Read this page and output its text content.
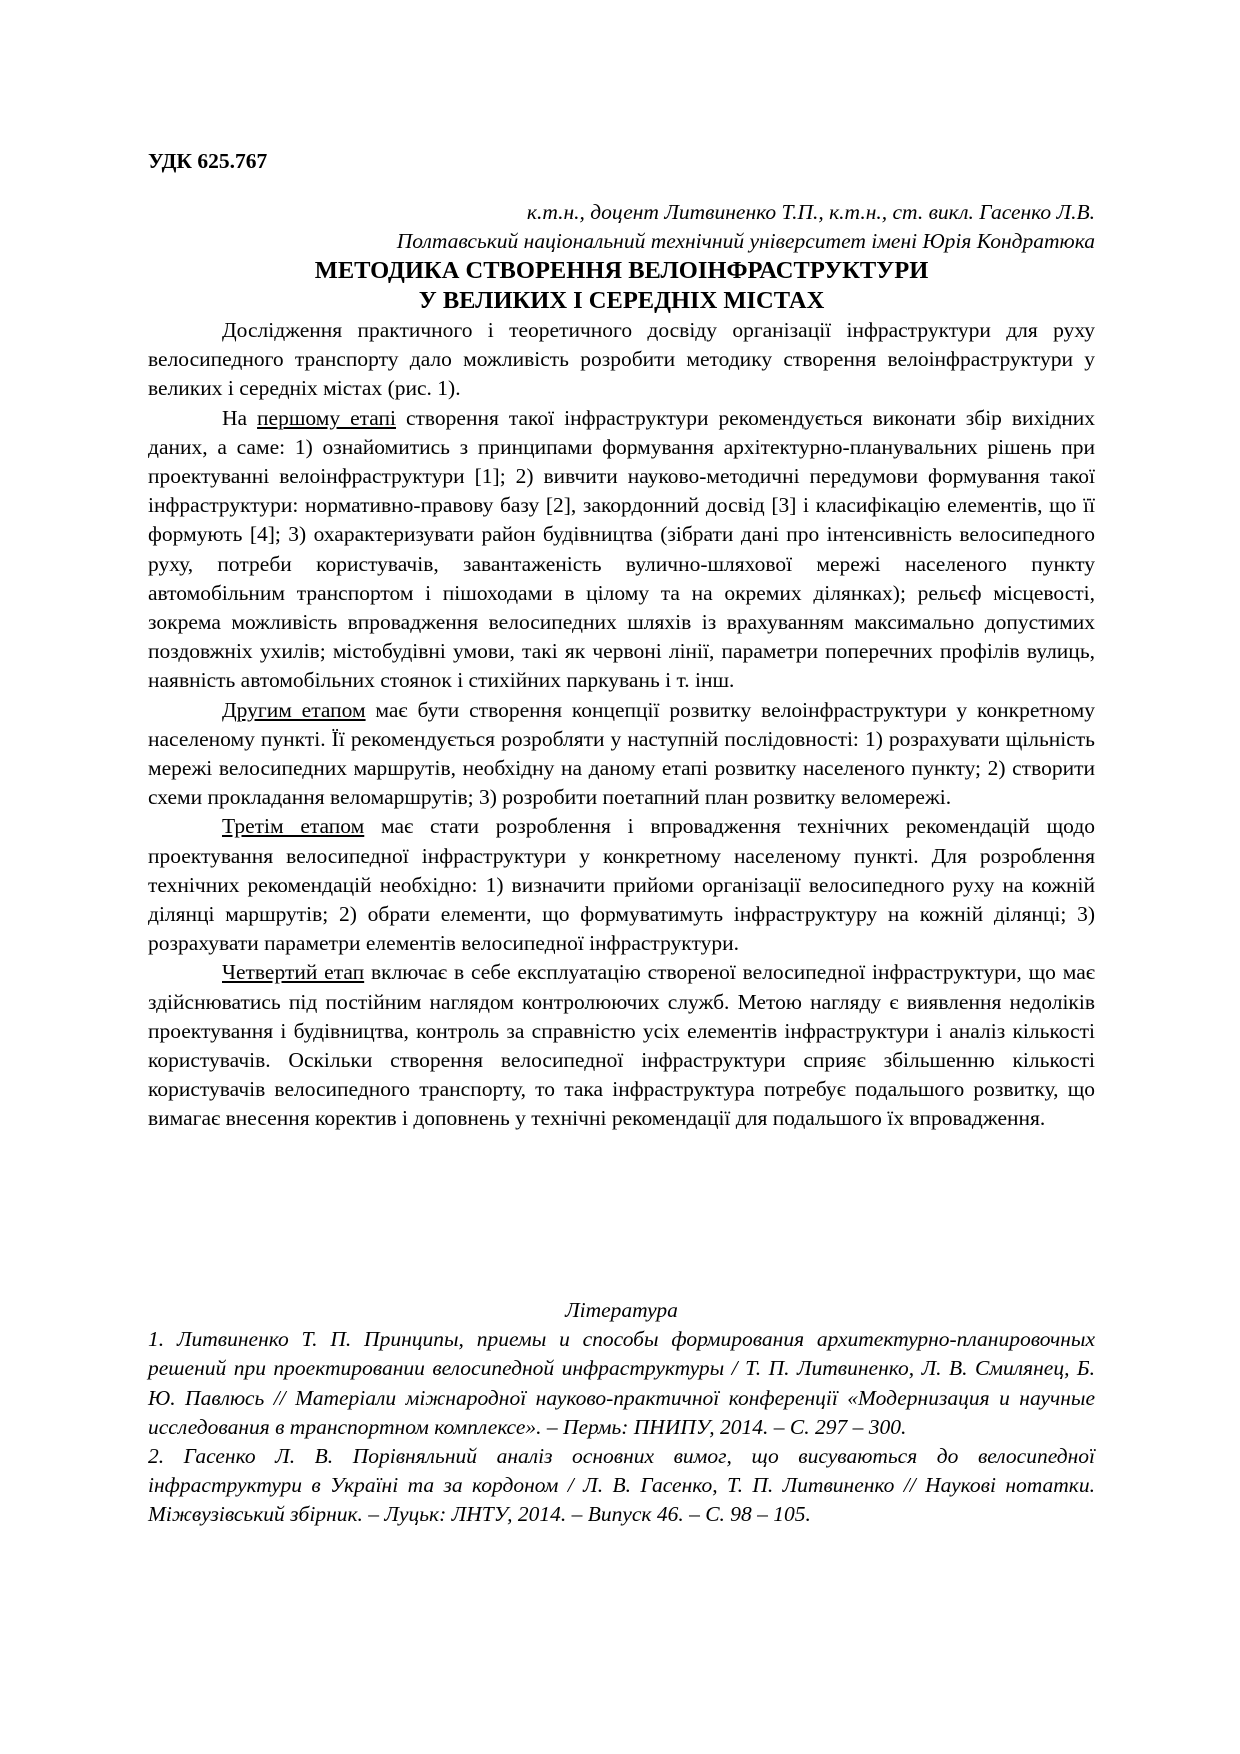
УДК 625.767
к.т.н., доцент Литвиненко Т.П., к.т.н., ст. викл. Гасенко Л.В.
Полтавський національний технічний університет імені Юрія Кондратюка
МЕТОДИКА СТВОРЕННЯ ВЕЛОІНФРАСТРУКТУРИ
У ВЕЛИКИХ І СЕРЕДНІХ МІСТАХ

Дослідження практичного і теоретичного досвіду організації інфраструктури для руху велосипедного транспорту дало можливість розробити методику створення велоінфраструктури у великих і середніх містах (рис. 1).

На першому етапі створення такої інфраструктури рекомендується виконати збір вихідних даних, а саме: 1) ознайомитись з принципами формування архітектурно-планувальних рішень при проектуванні велоінфраструктури [1]; 2) вивчити науково-методичні передумови формування такої інфраструктури: нормативно-правову базу [2], закордонний досвід [3] і класифікацію елементів, що її формують [4]; 3) охарактеризувати район будівництва (зібрати дані про інтенсивність велосипедного руху, потреби користувачів, завантаженість вулично-шляхової мережі населеного пункту автомобільним транспортом і пішоходами в цілому та на окремих ділянках); рельєф місцевості, зокрема можливість впровадження велосипедних шляхів із врахуванням максимально допустимих поздовжніх ухилів; містобудівні умови, такі як червоні лінії, параметри поперечних профілів вулиць, наявність автомобільних стоянок і стихійних паркувань і т. інш.

Другим етапом має бути створення концепції розвитку велоінфраструктури у конкретному населеному пункті. Її рекомендується розробляти у наступній послідовності: 1) розрахувати щільність мережі велосипедних маршрутів, необхідну на даному етапі розвитку населеного пункту; 2) створити схеми прокладання веломаршрутів; 3) розробити поетапний план розвитку веломережі.

Третім етапом має стати розроблення і впровадження технічних рекомендацій щодо проектування велосипедної інфраструктури у конкретному населеному пункті. Для розроблення технічних рекомендацій необхідно: 1) визначити прийоми організації велосипедного руху на кожній ділянці маршрутів; 2) обрати елементи, що формуватимуть інфраструктуру на кожній ділянці; 3) розрахувати параметри елементів велосипедної інфраструктури.

Четвертий етап включає в себе експлуатацію створеної велосипедної інфраструктури, що має здійснюватись під постійним наглядом контролюючих служб. Метою нагляду є виявлення недоліків проектування і будівництва, контроль за справністю усіх елементів інфраструктури і аналіз кількості користувачів. Оскільки створення велосипедної інфраструктури сприяє збільшенню кількості користувачів велосипедного транспорту, то така інфраструктура потребує подальшого розвитку, що вимагає внесення коректив і доповнень у технічні рекомендації для подальшого їх впровадження.

Література

1. Литвиненко Т. П. Принципы, приемы и способы формирования архитектурно-планировочных решений при проектировании велосипедной инфраструктуры / Т. П. Литвиненко, Л. В. Смилянец, Б. Ю. Павлюсь // Матеріали міжнародної науково-практичної конференції «Модернизация и научные исследования в транспортном комплексе». – Пермь: ПНИПУ, 2014. – С. 297 – 300.

2. Гасенко Л. В. Порівняльний аналіз основних вимог, що висуваються до велосипедної інфраструктури в Україні та за кордоном / Л. В. Гасенко, Т. П. Литвиненко // Наукові нотатки. Міжвузівський збірник. – Луцьк: ЛНТУ, 2014. – Випуск 46. – С. 98 – 105.
